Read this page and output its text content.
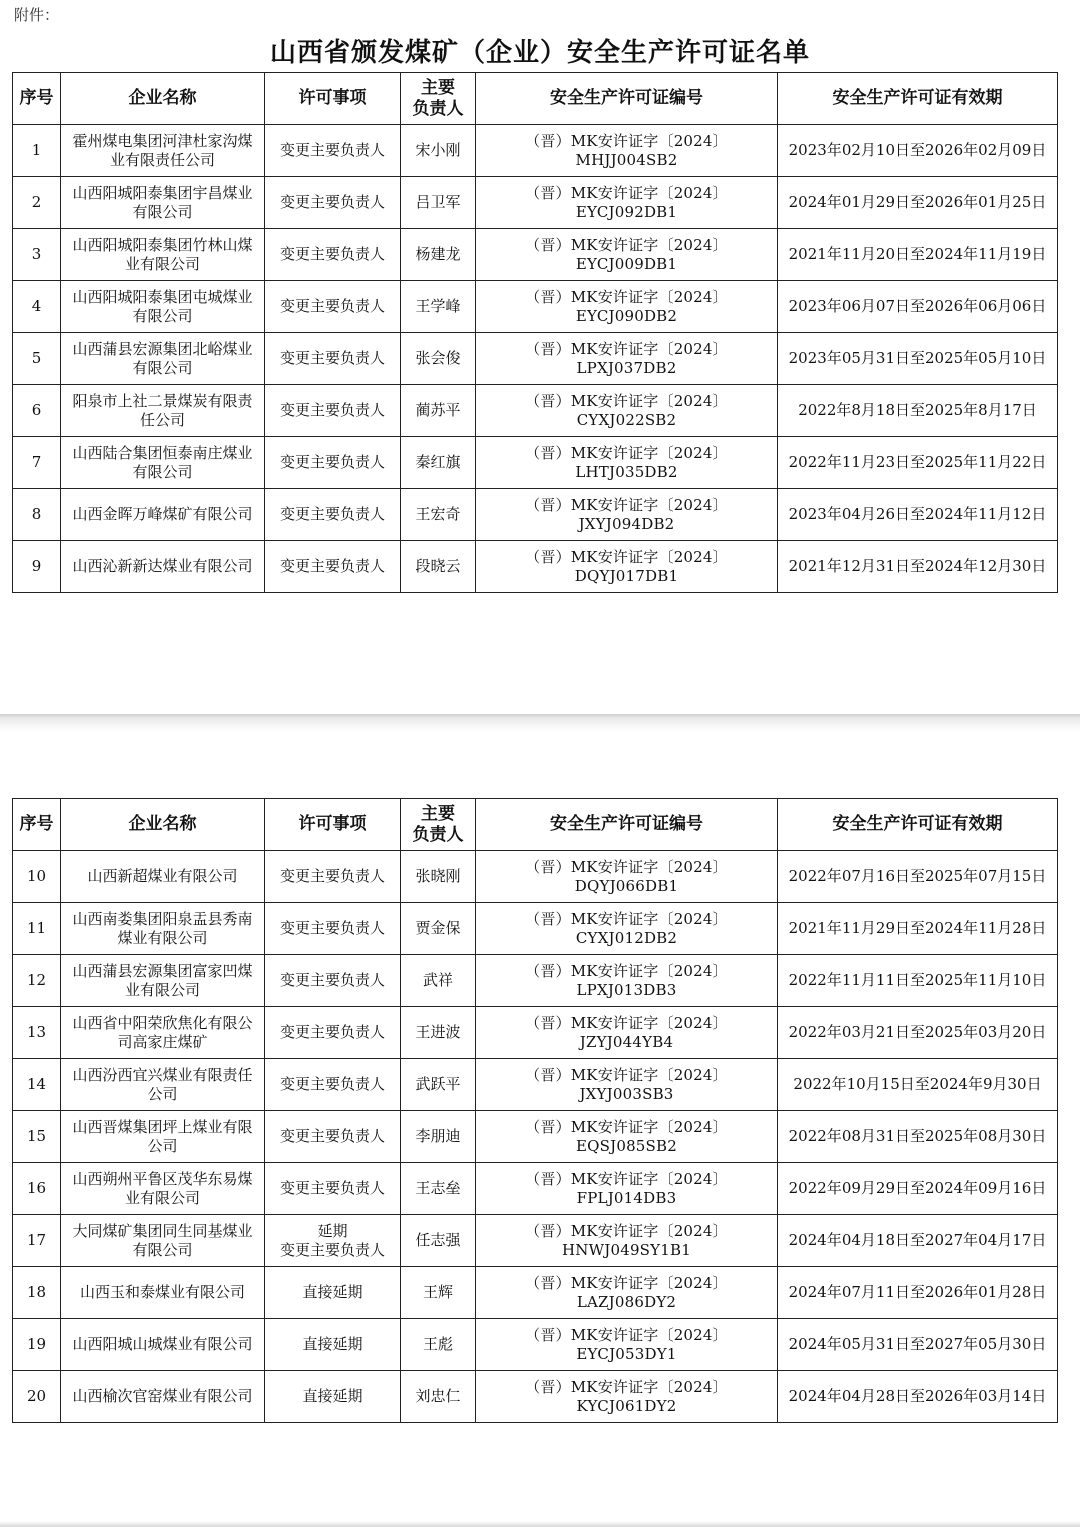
附件：
山西省颁发煤矿（企业）安全生产许可证名单
序号	企业名称	许可事项	主要
负责人	安全生产许可证编号	安全生产许可证有效期
1	霍州煤电集团河津杜家沟煤
业有限责任公司	变更主要负责人	宋小刚	（晋）MK安许证字〔2024〕MHJJ004SB2	2023年02月10日至2026年02月09日
2	山西阳城阳泰集团宇昌煤业
有限公司	变更主要负责人	吕卫军	（晋）MK安许证字〔2024〕EYCJ092DB1	2024年01月29日至2026年01月25日
3	山西阳城阳泰集团竹林山煤
业有限公司	变更主要负责人	杨建龙	（晋）MK安许证字〔2024〕EYCJ009DB1	2021年11月20日至2024年11月19日
4	山西阳城阳泰集团屯城煤业
有限公司	变更主要负责人	王学峰	（晋）MK安许证字〔2024〕EYCJ090DB2	2023年06月07日至2026年06月06日
5	山西蒲县宏源集团北峪煤业
有限公司	变更主要负责人	张会俊	（晋）MK安许证字〔2024〕LPXJ037DB2	2023年05月31日至2025年05月10日
6	阳泉市上社二景煤炭有限责
任公司	变更主要负责人	蔺苏平	（晋）MK安许证字〔2024〕CYXJ022SB2	2022年8月18日至2025年8月17日
7	山西陆合集团恒泰南庄煤业
有限公司	变更主要负责人	秦红旗	（晋）MK安许证字〔2024〕LHTJ035DB2	2022年11月23日至2025年11月22日
8	山西金晖万峰煤矿有限公司	变更主要负责人	王宏奇	（晋）MK安许证字〔2024〕JXYJ094DB2	2023年04月26日至2024年11月12日
9	山西沁新新达煤业有限公司	变更主要负责人	段晓云	（晋）MK安许证字〔2024〕DQYJ017DB1	2021年12月31日至2024年12月30日
序号	企业名称	许可事项	主要
负责人	安全生产许可证编号	安全生产许可证有效期
10	山西新超煤业有限公司	变更主要负责人	张晓刚	（晋）MK安许证字〔2024〕DQYJ066DB1	2022年07月16日至2025年07月15日
11	山西南娄集团阳泉盂县秀南
煤业有限公司	变更主要负责人	贾金保	（晋）MK安许证字〔2024〕CYXJ012DB2	2021年11月29日至2024年11月28日
12	山西蒲县宏源集团富家凹煤
业有限公司	变更主要负责人	武祥	（晋）MK安许证字〔2024〕LPXJ013DB3	2022年11月11日至2025年11月10日
13	山西省中阳荣欣焦化有限公
司高家庄煤矿	变更主要负责人	王进波	（晋）MK安许证字〔2024〕JZYJ044YB4	2022年03月21日至2025年03月20日
14	山西汾西宜兴煤业有限责任
公司	变更主要负责人	武跃平	（晋）MK安许证字〔2024〕JXYJ003SB3	2022年10月15日至2024年9月30日
15	山西晋煤集团坪上煤业有限
公司	变更主要负责人	李朋迪	（晋）MK安许证字〔2024〕EQSJ085SB2	2022年08月31日至2025年08月30日
16	山西朔州平鲁区茂华东易煤
业有限公司	变更主要负责人	王志垒	（晋）MK安许证字〔2024〕FPLJ014DB3	2022年09月29日至2024年09月16日
17	大同煤矿集团同生同基煤业
有限公司	延期
变更主要负责人	任志强	（晋）MK安许证字〔2024〕HNWJ049SY1B1	2024年04月18日至2027年04月17日
18	山西玉和泰煤业有限公司	直接延期	王辉	（晋）MK安许证字〔2024〕LAZJ086DY2	2024年07月11日至2026年01月28日
19	山西阳城山城煤业有限公司	直接延期	王彪	（晋）MK安许证字〔2024〕EYCJ053DY1	2024年05月31日至2027年05月30日
20	山西榆次官窑煤业有限公司	直接延期	刘忠仁	（晋）MK安许证字〔2024〕KYCJ061DY2	2024年04月28日至2026年03月14日
